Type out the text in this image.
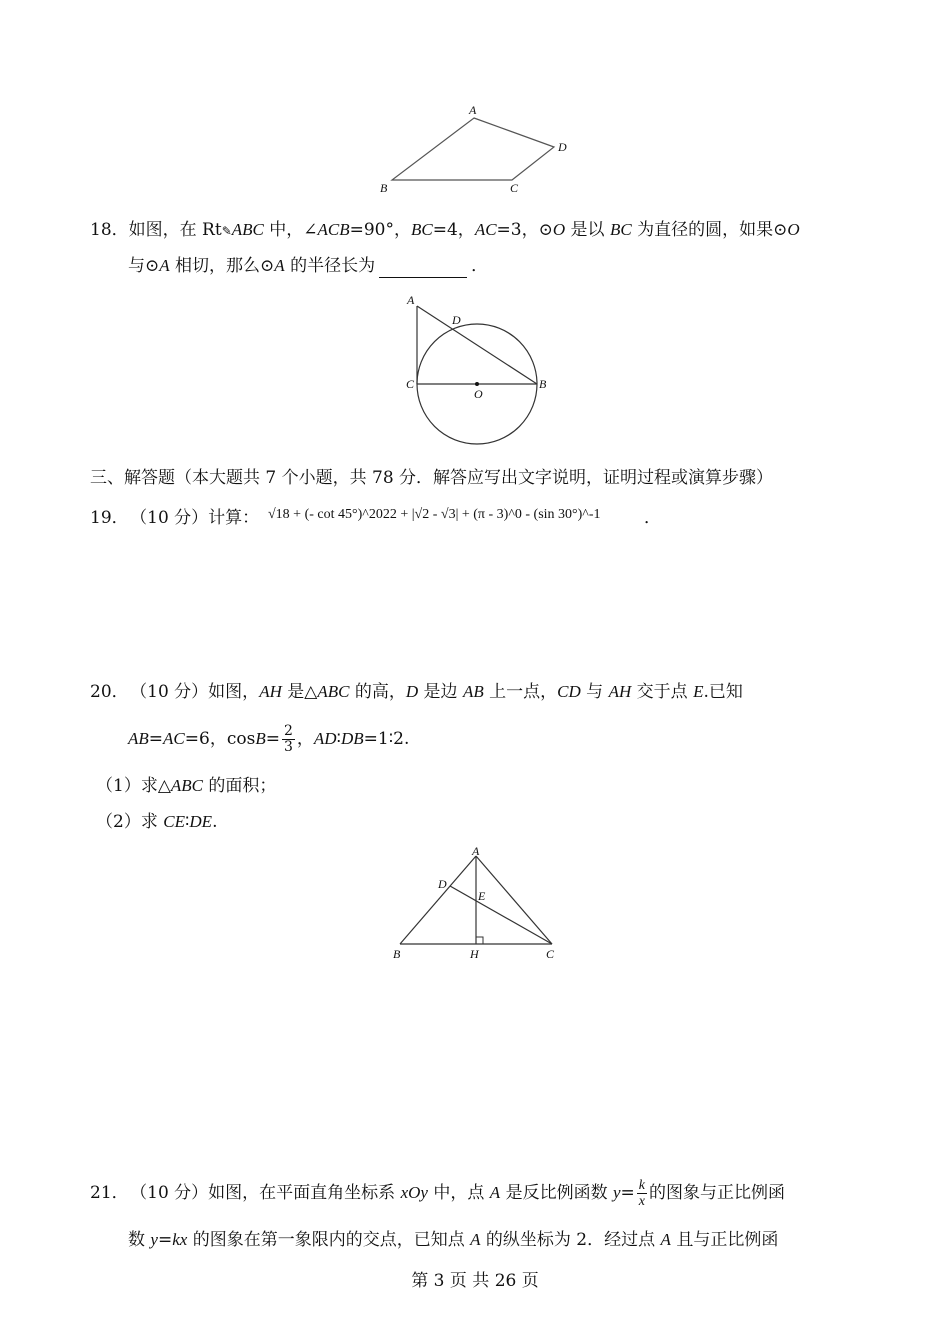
A
D
B	C
18．如图，在 Rt✎ABC 中，∠ACB=90°，BC=4，AC=3，⊙O 是以 BC 为直径的圆，如果⊙O
与⊙A 相切，那么⊙A 的半径长为	．
A
D
C	B
O
三、解答题（本大题共 7 个小题，共 78 分．解答应写出文字说明，证明过程或演算步骤）
19． （10 分）计算： √18 + (- cot 45°)^2022 + |√2 - √3| + (π - 3)^0 - (sin 30°)^-1	．
20． （10 分）如图，AH 是△ABC 的高，D 是边 AB 上一点，CD 与 AH 交于点 E.已知
AB=AC=6，$\cos B= \frac{2}{3}$ ，AD∶DB=1∶2.
（1）求△ABC 的面积；
（2）求 CE∶DE.
A
D
E
B	H	C
21． （10 分）如图，在平面直角坐标系 xOy 中，点 A 是反比例函数 $y= \frac{k}{x}$ 的图象与正比例函
数 y=kx 的图象在第一象限内的交点，已知点 A 的纵坐标为 2．经过点 A 且与正比例函
第 3 页 共 26 页
